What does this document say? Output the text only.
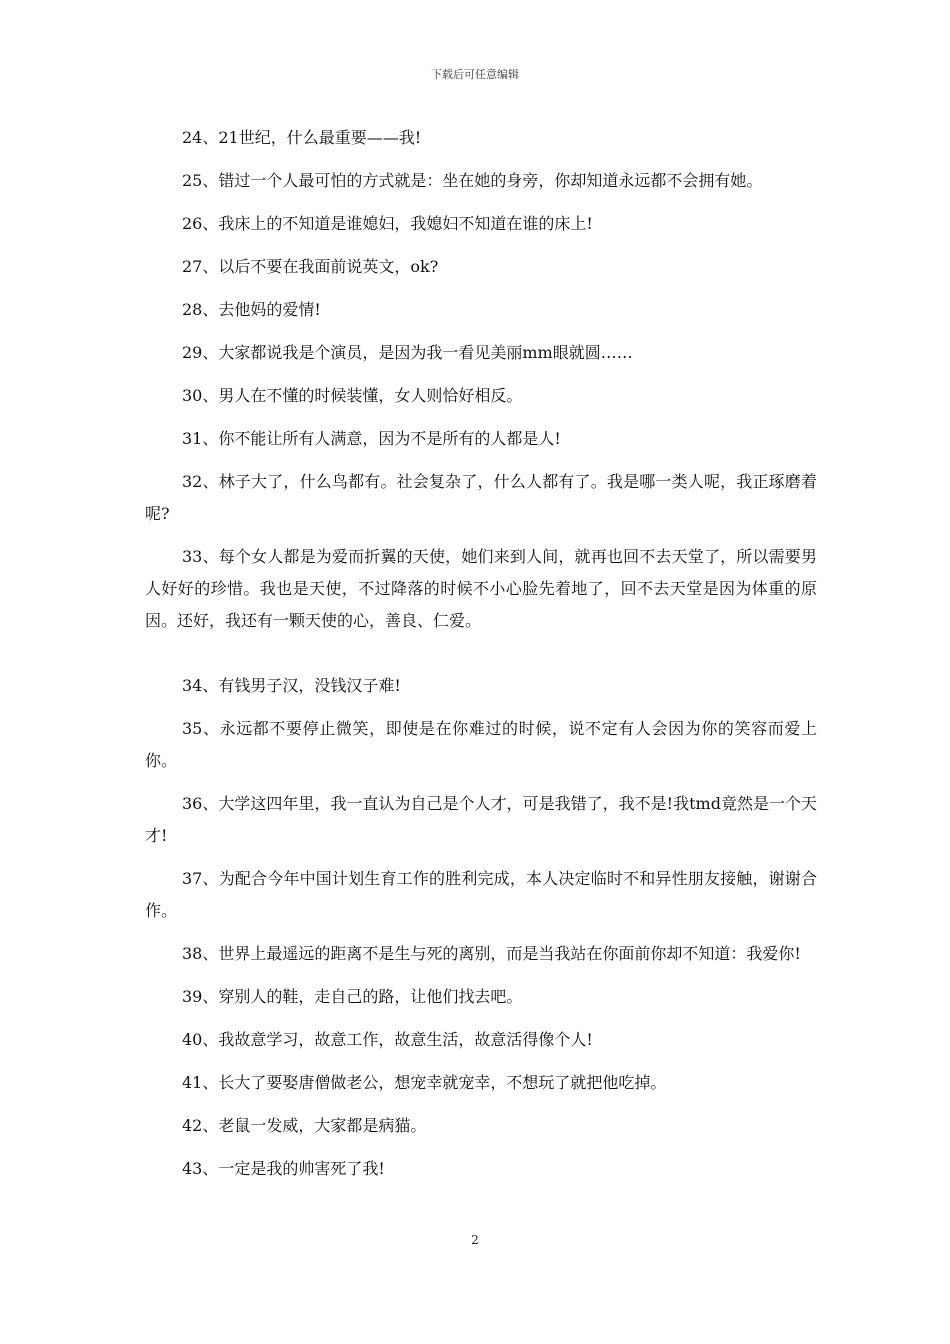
下载后可任意编辑

24、21世纪，什么最重要——我!

25、错过一个人最可怕的方式就是：坐在她的身旁，你却知道永远都不会拥有她。

26、我床上的不知道是谁媳妇，我媳妇不知道在谁的床上!

27、以后不要在我面前说英文，ok?

28、去他妈的爱情!

29、大家都说我是个演员，是因为我一看见美丽mm眼就圆……

30、男人在不懂的时候装懂，女人则恰好相反。

31、你不能让所有人满意，因为不是所有的人都是人!

32、林子大了，什么鸟都有。社会复杂了，什么人都有了。我是哪一类人呢，我正琢磨着呢?

33、每个女人都是为爱而折翼的天使，她们来到人间，就再也回不去天堂了，所以需要男人好好的珍惜。我也是天使，不过降落的时候不小心脸先着地了，回不去天堂是因为体重的原因。还好，我还有一颗天使的心，善良、仁爱。

34、有钱男子汉，没钱汉子难!

35、永远都不要停止微笑，即使是在你难过的时候，说不定有人会因为你的笑容而爱上你。

36、大学这四年里，我一直认为自己是个人才，可是我错了，我不是!我tmd竟然是一个天才!

37、为配合今年中国计划生育工作的胜利完成，本人决定临时不和异性朋友接触，谢谢合作。

38、世界上最遥远的距离不是生与死的离别，而是当我站在你面前你却不知道：我爱你!

39、穿别人的鞋，走自己的路，让他们找去吧。

40、我故意学习，故意工作，故意生活，故意活得像个人!

41、长大了要娶唐僧做老公，想宠幸就宠幸，不想玩了就把他吃掉。

42、老鼠一发威，大家都是病猫。

43、一定是我的帅害死了我!

2
